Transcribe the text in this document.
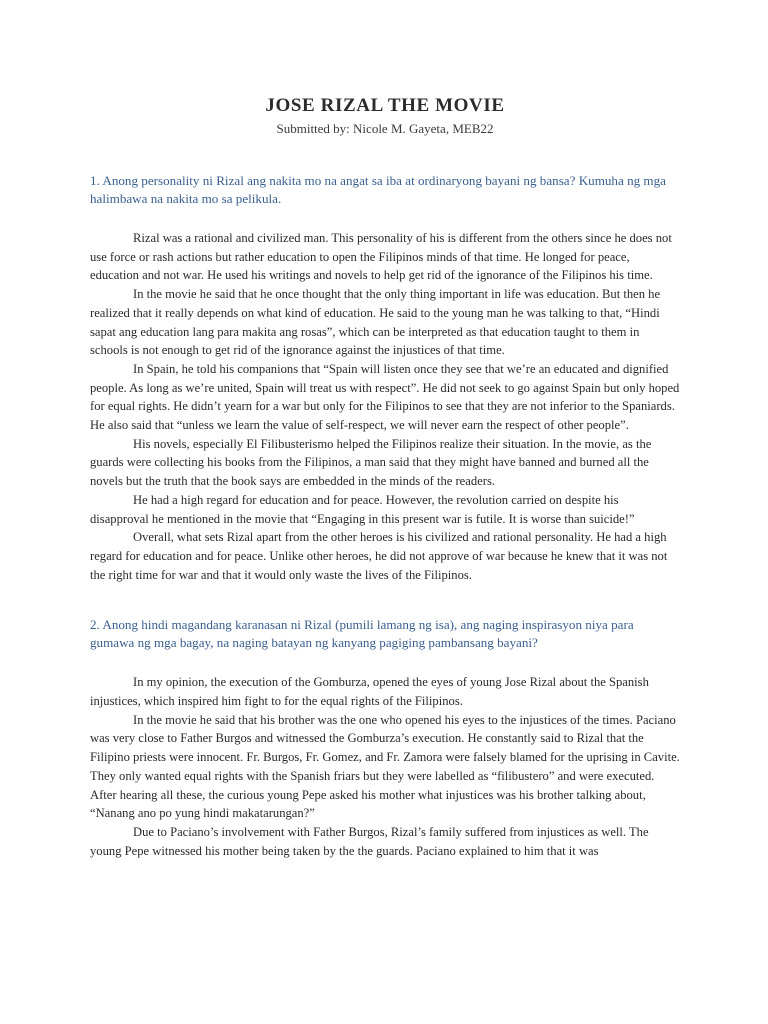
JOSE RIZAL THE MOVIE
Submitted by: Nicole M. Gayeta, MEB22

1. Anong personality ni Rizal ang nakita mo na angat sa iba at ordinaryong bayani ng bansa? Kumuha ng mga halimbawa na nakita mo sa pelikula.

Rizal was a rational and civilized man. This personality of his is different from the others since he does not use force or rash actions but rather education to open the Filipinos minds of that time. He longed for peace, education and not war. He used his writings and novels to help get rid of the ignorance of the Filipinos his time.

In the movie he said that he once thought that the only thing important in life was education. But then he realized that it really depends on what kind of education. He said to the young man he was talking to that, “Hindi sapat ang education lang para makita ang rosas”, which can be interpreted as that education taught to them in schools is not enough to get rid of the ignorance against the injustices of that time.

In Spain, he told his companions that “Spain will listen once they see that we’re an educated and dignified people. As long as we’re united, Spain will treat us with respect”. He did not seek to go against Spain but only hoped for equal rights. He didn’t yearn for a war but only for the Filipinos to see that they are not inferior to the Spaniards. He also said that “unless we learn the value of self-respect, we will never earn the respect of other people”.

His novels, especially El Filibusterismo helped the Filipinos realize their situation. In the movie, as the guards were collecting his books from the Filipinos, a man said that they might have banned and burned all the novels but the truth that the book says are embedded in the minds of the readers.

He had a high regard for education and for peace. However, the revolution carried on despite his disapproval he mentioned in the movie that “Engaging in this present war is futile. It is worse than suicide!”

Overall, what sets Rizal apart from the other heroes is his civilized and rational personality. He had a high regard for education and for peace. Unlike other heroes, he did not approve of war because he knew that it was not the right time for war and that it would only waste the lives of the Filipinos.

2. Anong hindi magandang karanasan ni Rizal (pumili lamang ng isa), ang naging inspirasyon niya para gumawa ng mga bagay, na naging batayan ng kanyang pagiging pambansang bayani?

In my opinion, the execution of the Gomburza, opened the eyes of young Jose Rizal about the Spanish injustices, which inspired him fight to for the equal rights of the Filipinos.

In the movie he said that his brother was the one who opened his eyes to the injustices of the times. Paciano was very close to Father Burgos and witnessed the Gomburza’s execution. He constantly said to Rizal that the Filipino priests were innocent. Fr. Burgos, Fr. Gomez, and Fr. Zamora were falsely blamed for the uprising in Cavite. They only wanted equal rights with the Spanish friars but they were labelled as “filibustero” and were executed. After hearing all these, the curious young Pepe asked his mother what injustices was his brother talking about, “Nanang ano po yung hindi makatarungan?”

Due to Paciano’s involvement with Father Burgos, Rizal’s family suffered from injustices as well. The young Pepe witnessed his mother being taken by the the guards. Paciano explained to him that it was
